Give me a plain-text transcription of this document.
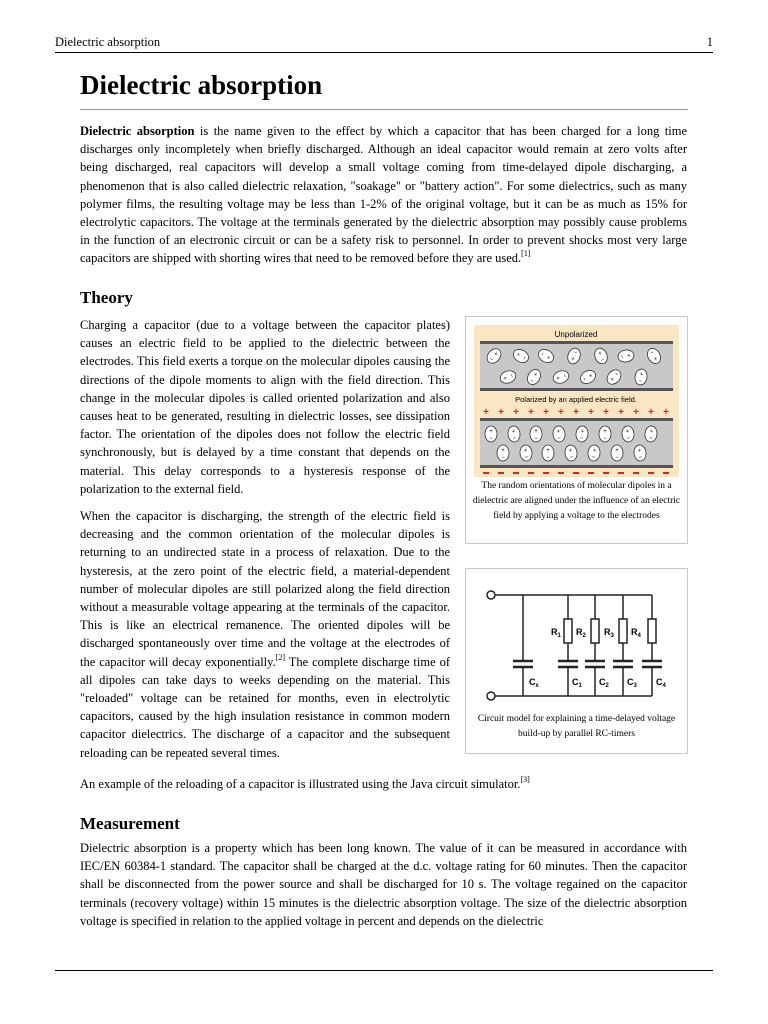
Dielectric absorption	1
Dielectric absorption

Dielectric absorption is the name given to the effect by which a capacitor that has been charged for a long time discharges only incompletely when briefly discharged. Although an ideal capacitor would remain at zero volts after being discharged, real capacitors will develop a small voltage coming from time-delayed dipole discharging, a phenomenon that is also called dielectric relaxation, "soakage" or "battery action". For some dielectrics, such as many polymer films, the resulting voltage may be less than 1-2% of the original voltage, but it can be as much as 15% for electrolytic capacitors. The voltage at the terminals generated by the dielectric absorption may possibly cause problems in the function of an electronic circuit or can be a safety risk to personnel. In order to prevent shocks most very large capacitors are shipped with shorting wires that need to be removed before they are used.[1]

Theory

Charging a capacitor (due to a voltage between the capacitor plates) causes an electric field to be applied to the dielectric between the electrodes. This field exerts a torque on the molecular dipoles causing the directions of the dipole moments to align with the field direction. This change in the molecular dipoles is called oriented polarization and also causes heat to be generated, resulting in dielectric losses, see dissipation factor. The orientation of the dipoles does not follow the electric field synchronously, but is delayed by a time constant that depends on the material. This delay corresponds to a hysteresis response of the polarization to the external field.

When the capacitor is discharging, the strength of the electric field is decreasing and the common orientation of the molecular dipoles is returning to an undirected state in a process of relaxation. Due to the hysteresis, at the zero point of the electric field, a material-dependent number of molecular dipoles are still polarized along the field direction without a measurable voltage appearing at the terminals of the capacitor. This is like an electrical remanence. The oriented dipoles will be discharged spontaneously over time and the voltage at the electrodes of the capacitor will decay exponentially.[2] The complete discharge time of all dipoles can take days to weeks depending on the material. This "reloaded" voltage can be retained for months, even in electrolytic capacitors, caused by the high insulation resistance in common modern capacitor dielectrics. The discharge of a capacitor and the subsequent reloading can be repeated several times.

An example of the reloading of a capacitor is illustrated using the Java circuit simulator.[3]

Unpolarized
+
−
+
−	+
−
+
−	+
−
+
−	+
−
+ −	+
−
+ −	+
−	+
−	+
−
Polarized by an applied electric field.
+ + + + + + + + + + + + +
+
−
+
−
+
−
+
−
+
−
+
−
+
−
+
−
+
−
+
−
+
−
+
−
+
−
+
−
+
−
The random orientations of molecular dipoles in a dielectric are aligned under the influence of an electric field by applying a voltage to the electrodes
$R_1$ $R_2$ $R_3$ $R_4$
$C_x$	$C_1$ $C_2$ $C_3$ $C_4$
Circuit model for explaining a time-delayed voltage build-up by parallel RC-timers
Measurement

Dielectric absorption is a property which has been long known. The value of it can be measured in accordance with IEC/EN 60384-1 standard. The capacitor shall be charged at the d.c. voltage rating for 60 minutes. Then the capacitor shall be disconnected from the power source and shall be discharged for 10 s. The voltage regained on the capacitor terminals (recovery voltage) within 15 minutes is the dielectric absorption voltage. The size of the dielectric absorption voltage is specified in relation to the applied voltage in percent and depends on the dielectric
